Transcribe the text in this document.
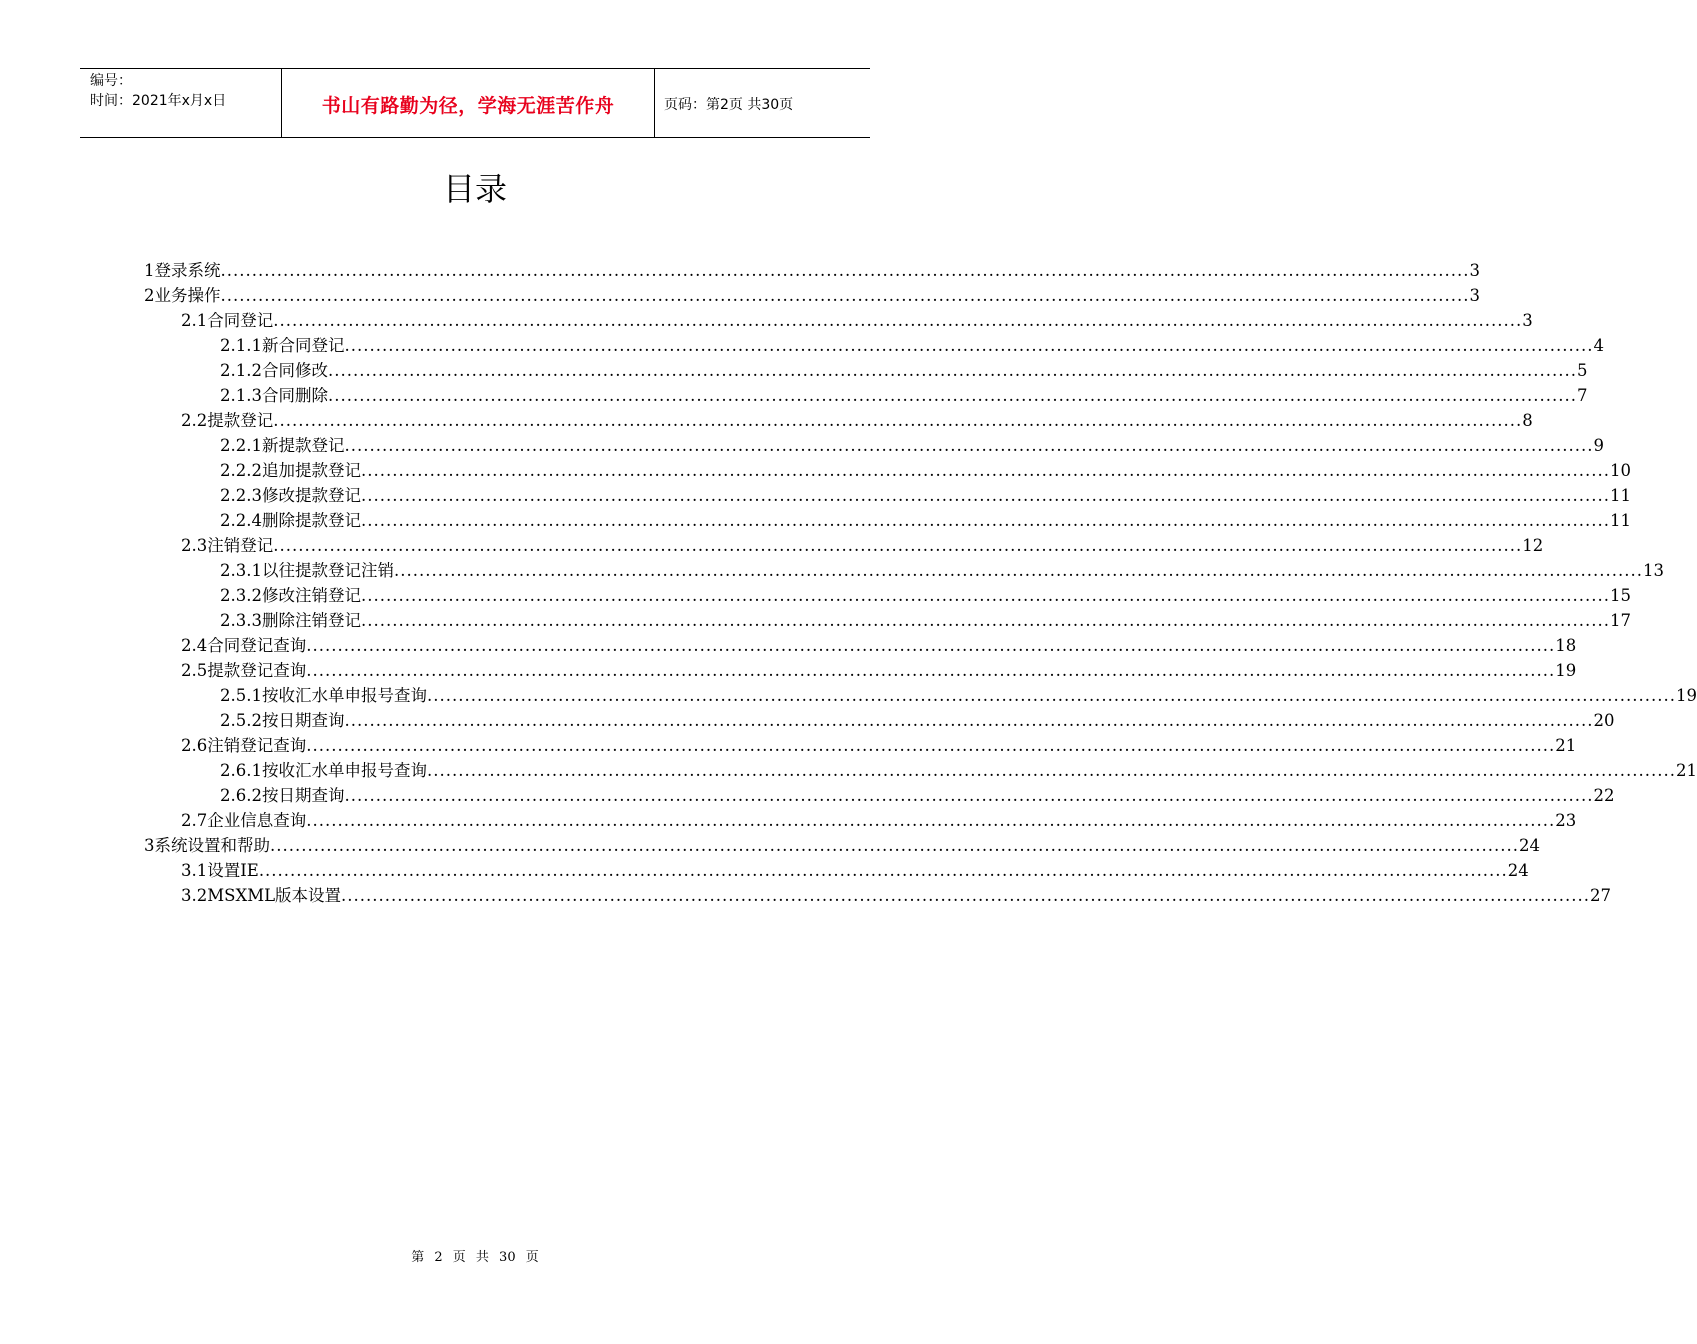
编号：
时间：2021年x月x日	书山有路勤为径，学海无涯苦作舟	页码：第2页 共30页
目录
1 登录系统 ........................................................................................................................................................................................................ 3
2 业务操作 ........................................................................................................................................................................................................ 3
2.1 合同登记 ........................................................................................................................................................................................................ 3
2.1.1 新合同登记 ........................................................................................................................................................................................................ 4
2.1.2 合同修改 ........................................................................................................................................................................................................ 5
2.1.3 合同删除 ........................................................................................................................................................................................................ 7
2.2 提款登记 ........................................................................................................................................................................................................ 8
2.2.1 新提款登记 ........................................................................................................................................................................................................ 9
2.2.2 追加提款登记 ........................................................................................................................................................................................................ 10
2.2.3 修改提款登记 ........................................................................................................................................................................................................ 11
2.2.4 删除提款登记 ........................................................................................................................................................................................................ 11
2.3 注销登记 ........................................................................................................................................................................................................ 12
2.3.1 以往提款登记注销 ........................................................................................................................................................................................................ 13
2.3.2 修改注销登记 ........................................................................................................................................................................................................ 15
2.3.3 删除注销登记 ........................................................................................................................................................................................................ 17
2.4 合同登记查询 ........................................................................................................................................................................................................ 18
2.5 提款登记查询 ........................................................................................................................................................................................................ 19
2.5.1 按收汇水单申报号查询 ........................................................................................................................................................................................................ 19
2.5.2 按日期查询 ........................................................................................................................................................................................................ 20
2.6 注销登记查询 ........................................................................................................................................................................................................ 21
2.6.1 按收汇水单申报号查询 ........................................................................................................................................................................................................ 21
2.6.2 按日期查询 ........................................................................................................................................................................................................ 22
2.7 企业信息查询 ........................................................................................................................................................................................................ 23
3 系统设置和帮助 ........................................................................................................................................................................................................ 24
3.1 设置IE ........................................................................................................................................................................................................ 24
3.2 MSXML版本设置 ........................................................................................................................................................................................................ 27
第 2 页 共 30 页
